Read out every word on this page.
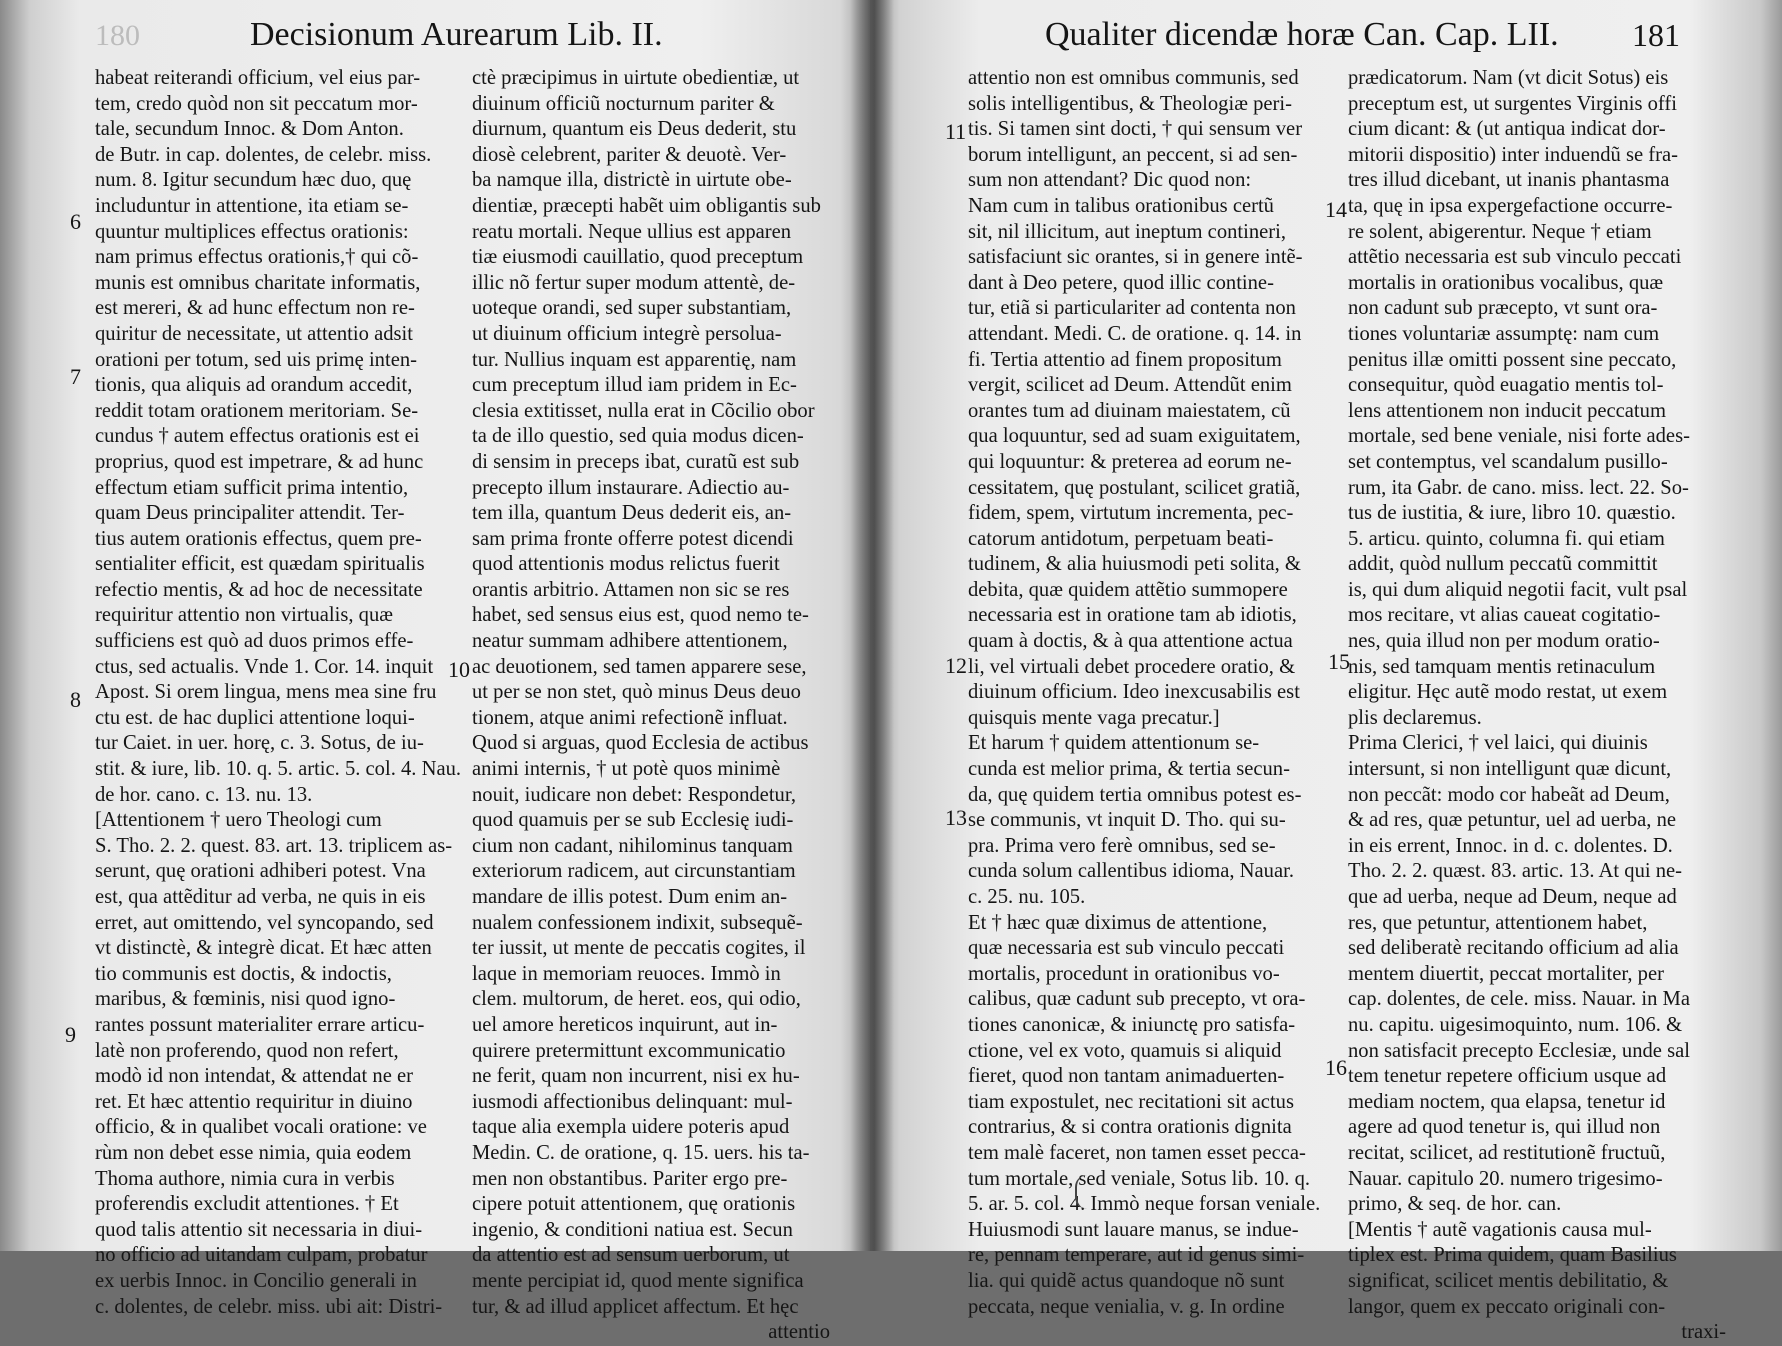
180	Decisionum Aurearum Lib. II.

habeat reiterandi officium, vel eius par-

tem, credo quòd non sit peccatum mor-

tale, secundum Innoc. & Dom Anton.

de Butr. in cap. dolentes, de celebr. miss.

num. 8. Igitur secundum hæc duo, quę

includuntur in attentione, ita etiam se-

quuntur multiplices effectus orationis:

nam primus effectus orationis,† qui cõ-

munis est omnibus charitate informatis,

est mereri, & ad hunc effectum non re-

quiritur de necessitate, ut attentio adsit

orationi per totum, sed uis primę inten-

tionis, qua aliquis ad orandum accedit,

reddit totam orationem meritoriam. Se-

cundus † autem effectus orationis est ei

proprius, quod est impetrare, & ad hunc

effectum etiam sufficit prima intentio,

quam Deus principaliter attendit. Ter-

tius autem orationis effectus, quem pre-

sentialiter efficit, est quædam spiritualis

refectio mentis, & ad hoc de necessitate

requiritur attentio non virtualis, quæ

sufficiens est quò ad duos primos effe-

ctus, sed actualis. Vnde 1. Cor. 14. inquit

Apost. Si orem lingua, mens mea sine fru

ctu est. de hac duplici attentione loqui-

tur Caiet. in uer. horę, c. 3. Sotus, de iu-

stit. & iure, lib. 10. q. 5. artic. 5. col. 4. Nau.

de hor. cano. c. 13. nu. 13.

[Attentionem † uero Theologi cum

S. Tho. 2. 2. quest. 83. art. 13. triplicem as-

serunt, quę orationi adhiberi potest. Vna

est, qua attẽditur ad verba, ne quis in eis

erret, aut omittendo, vel syncopando, sed

vt distinctè, & integrè dicat. Et hæc atten

tio communis est doctis, & indoctis,

maribus, & fœminis, nisi quod igno-

rantes possunt materialiter errare articu-

latè non proferendo, quod non refert,

modò id non intendat, & attendat ne er

ret. Et hæc attentio requiritur in diuino

officio, & in qualibet vocali oratione: ve

rùm non debet esse nimia, quia eodem

Thoma authore, nimia cura in verbis

proferendis excludit attentiones. † Et

quod talis attentio sit necessaria in diui-

no officio ad uitandam culpam, probatur

ex uerbis Innoc. in Concilio generali in

c. dolentes, de celebr. miss. ubi ait: Distri-

ctè præcipimus in uirtute obedientiæ, ut

diuinum officiũ nocturnum pariter &

diurnum, quantum eis Deus dederit, stu

diosè celebrent, pariter & deuotè. Ver-

ba namque illa, districtè in uirtute obe-

dientiæ, præcepti habẽt uim obligantis sub

reatu mortali. Neque ullius est apparen

tiæ eiusmodi cauillatio, quod preceptum

illic nõ fertur super modum attentè, de-

uoteque orandi, sed super substantiam,

ut diuinum officium integrè persolua-

tur. Nullius inquam est apparentię, nam

cum preceptum illud iam pridem in Ec-

clesia extitisset, nulla erat in Cõcilio obor

ta de illo questio, sed quia modus dicen-

di sensim in preceps ibat, curatũ est sub

precepto illum instaurare. Adiectio au-

tem illa, quantum Deus dederit eis, an-

sam prima fronte offerre potest dicendi

quod attentionis modus relictus fuerit

orantis arbitrio. Attamen non sic se res

habet, sed sensus eius est, quod nemo te-

neatur summam adhibere attentionem,

ac deuotionem, sed tamen apparere sese,

ut per se non stet, quò minus Deus deuo

tionem, atque animi refectionẽ influat.

Quod si arguas, quod Ecclesia de actibus

animi internis, † ut potè quos minimè

nouit, iudicare non debet: Respondetur,

quod quamuis per se sub Ecclesię iudi-

cium non cadant, nihilominus tanquam

exteriorum radicem, aut circunstantiam

mandare de illis potest. Dum enim an-

nualem confessionem indixit, subsequẽ-

ter iussit, ut mente de peccatis cogites, il

laque in memoriam reuoces. Immò in

clem. multorum, de heret. eos, qui odio,

uel amore hereticos inquirunt, aut in-

quirere pretermittunt excommunicatio

ne ferit, quam non incurrent, nisi ex hu-

iusmodi affectionibus delinquant: mul-

taque alia exempla uidere poteris apud

Medin. C. de oratione, q. 15. uers. his ta-

men non obstantibus. Pariter ergo pre-

cipere potuit attentionem, quę orationis

ingenio, & conditioni natiua est. Secun

da attentio est ad sensum uerborum, ut

mente percipiat id, quod mente significa

tur, & ad illud applicet affectum. Et hęc

attentio

6
7
8
9
10
Qualiter dicendæ horæ Can. Cap. LII. 181

attentio non est omnibus communis, sed

solis intelligentibus, & Theologiæ peri-

tis. Si tamen sint docti, † qui sensum ver

borum intelligunt, an peccent, si ad sen-

sum non attendant? Dic quod non:

Nam cum in talibus orationibus certũ

sit, nil illicitum, aut ineptum contineri,

satisfaciunt sic orantes, si in genere intẽ-

dant à Deo petere, quod illic contine-

tur, etiã si particulariter ad contenta non

attendant. Medi. C. de oratione. q. 14. in

fi. Tertia attentio ad finem propositum

vergit, scilicet ad Deum. Attendũt enim

orantes tum ad diuinam maiestatem, cũ

qua loquuntur, sed ad suam exiguitatem,

qui loquuntur: & preterea ad eorum ne-

cessitatem, quę postulant, scilicet gratiã,

fidem, spem, virtutum incrementa, pec-

catorum antidotum, perpetuam beati-

tudinem, & alia huiusmodi peti solita, &

debita, quæ quidem attẽtio summopere

necessaria est in oratione tam ab idiotis,

quam à doctis, & à qua attentione actua

li, vel virtuali debet procedere oratio, &

diuinum officium. Ideo inexcusabilis est

quisquis mente vaga precatur.]

Et harum † quidem attentionum se-

cunda est melior prima, & tertia secun-

da, quę quidem tertia omnibus potest es-

se communis, vt inquit D. Tho. qui su-

pra. Prima vero ferè omnibus, sed se-

cunda solum callentibus idioma, Nauar.

c. 25. nu. 105.

Et † hæc quæ diximus de attentione,

quæ necessaria est sub vinculo peccati

mortalis, procedunt in orationibus vo-

calibus, quæ cadunt sub precepto, vt ora-

tiones canonicæ, & iniunctę pro satisfa-

ctione, vel ex voto, quamuis si aliquid

fieret, quod non tantam animaduerten-

tiam expostulet, nec recitationi sit actus

contrarius, & si contra orationis dignita

tem malè faceret, non tamen esset pecca-

tum mortale, sed veniale, Sotus lib. 10. q.

5. ar. 5. col. 4. Immò neque forsan veniale.

Huiusmodi sunt lauare manus, se indue-

re, pennam temperare, aut id genus simi-

lia. qui quidẽ actus quandoque nõ sunt

peccata, neque venialia, v. g. In ordine

prædicatorum. Nam (vt dicit Sotus) eis

preceptum est, ut surgentes Virginis offi

cium dicant: & (ut antiqua indicat dor-

mitorii dispositio) inter induendũ se fra-

tres illud dicebant, ut inanis phantasma

ta, quę in ipsa expergefactione occurre-

re solent, abigerentur. Neque † etiam

attẽtio necessaria est sub vinculo peccati

mortalis in orationibus vocalibus, quæ

non cadunt sub præcepto, vt sunt ora-

tiones voluntariæ assumptę: nam cum

penitus illæ omitti possent sine peccato,

consequitur, quòd euagatio mentis tol-

lens attentionem non inducit peccatum

mortale, sed bene veniale, nisi forte ades-

set contemptus, vel scandalum pusillo-

rum, ita Gabr. de cano. miss. lect. 22. So-

tus de iustitia, & iure, libro 10. quæstio.

5. articu. quinto, columna fi. qui etiam

addit, quòd nullum peccatũ committit

is, qui dum aliquid negotii facit, vult psal

mos recitare, vt alias caueat cogitatio-

nes, quia illud non per modum oratio-

nis, sed tamquam mentis retinaculum

eligitur. Hęc autẽ modo restat, ut exem

plis declaremus.

Prima Clerici, † vel laici, qui diuinis

intersunt, si non intelligunt quæ dicunt,

non peccãt: modo cor habeãt ad Deum,

& ad res, quæ petuntur, uel ad uerba, ne

in eis errent, Innoc. in d. c. dolentes. D.

Tho. 2. 2. quæst. 83. artic. 13. At qui ne-

que ad uerba, neque ad Deum, neque ad

res, que petuntur, attentionem habet,

sed deliberatè recitando officium ad alia

mentem diuertit, peccat mortaliter, per

cap. dolentes, de cele. miss. Nauar. in Ma

nu. capitu. uigesimoquinto, num. 106. &

non satisfacit precepto Ecclesiæ, unde sal

tem tenetur repetere officium usque ad

mediam noctem, qua elapsa, tenetur id

agere ad quod tenetur is, qui illud non

recitat, scilicet, ad restitutionẽ fructuũ,

Nauar. capitulo 20. numero trigesimo-

primo, & seq. de hor. can.

[Mentis † autẽ vagationis causa mul-

tiplex est. Prima quidem, quam Basilius

significat, scilicet mentis debilitatio, &

langor, quem ex peccato originali con-

traxi-

11
12
13
14
15
16
